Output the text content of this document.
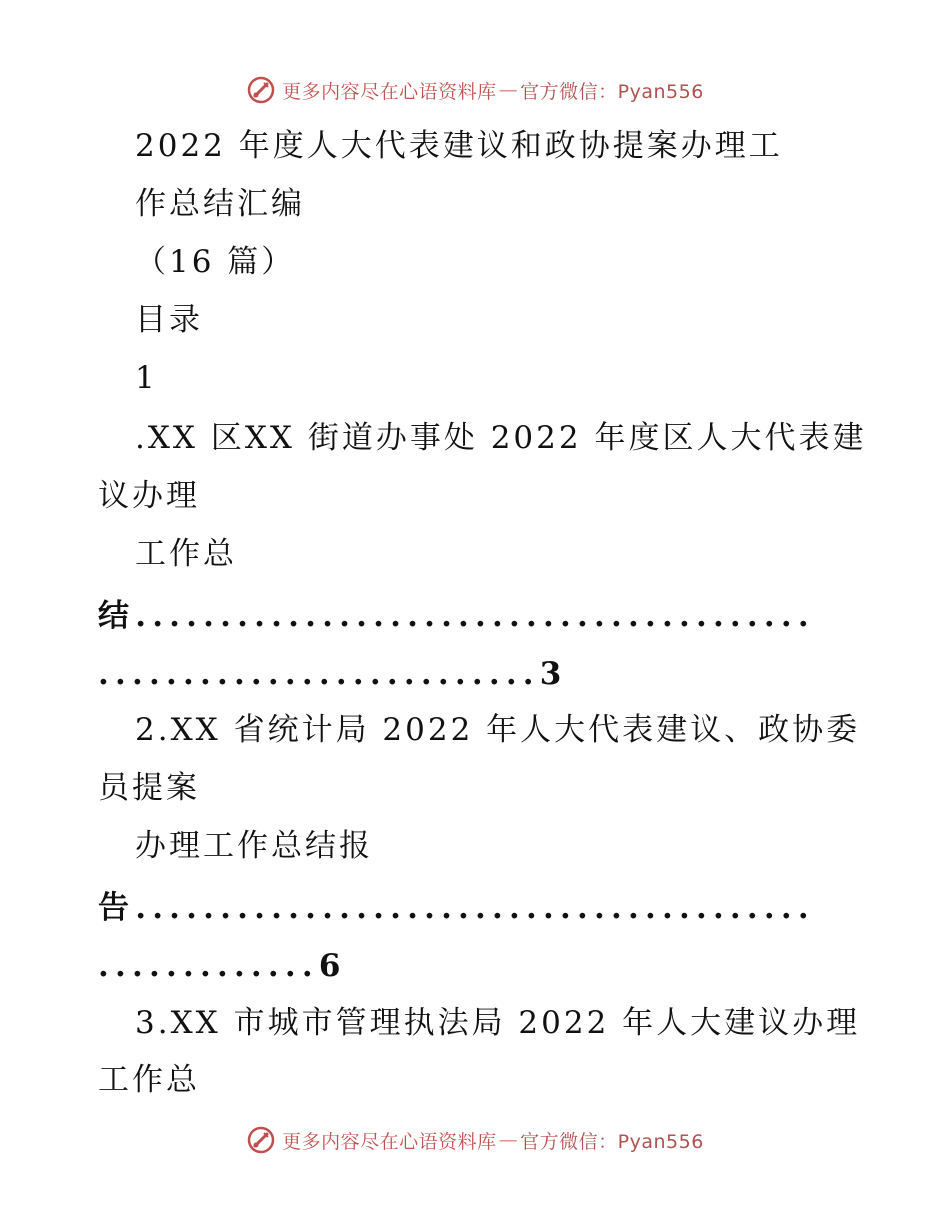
更多内容尽在心语资料库 — 官方微信：Pyan556
2022 年度人大代表建议和政协提案办理工
作总结汇编
（16 篇）
目录
1
.XX 区XX 街道办事处 2022 年度区人大代表建
议办理
工作总
结........................................
..........................3
2.XX 省统计局 2022 年人大代表建议、政协委
员提案
办理工作总结报
告........................................
.............6
3.XX 市城市管理执法局 2022 年人大建议办理
工作总
更多内容尽在心语资料库 — 官方微信：Pyan556
